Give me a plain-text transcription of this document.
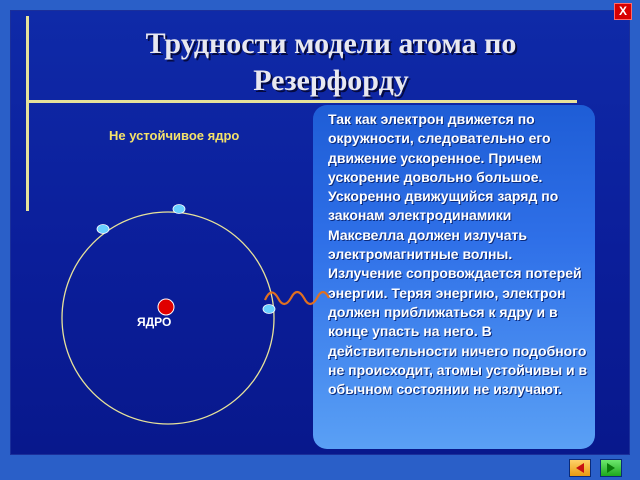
Трудности модели атома по Резерфорду
Не устойчивое ядро
Так как электрон движется по окружности, следовательно его движение ускоренное. Причем ускорение довольно большое. Ускоренно движущийся заряд по законам электродинамики Максвелла должен излучать электромагнитные волны. Излучение сопровождается потерей энергии. Теряя энергию, электрон должен приближаться к ядру и в конце упасть на него. В действительности ничего подобного не происходит, атомы устойчивы и в обычном состоянии не излучают.
ЯДРО
X
